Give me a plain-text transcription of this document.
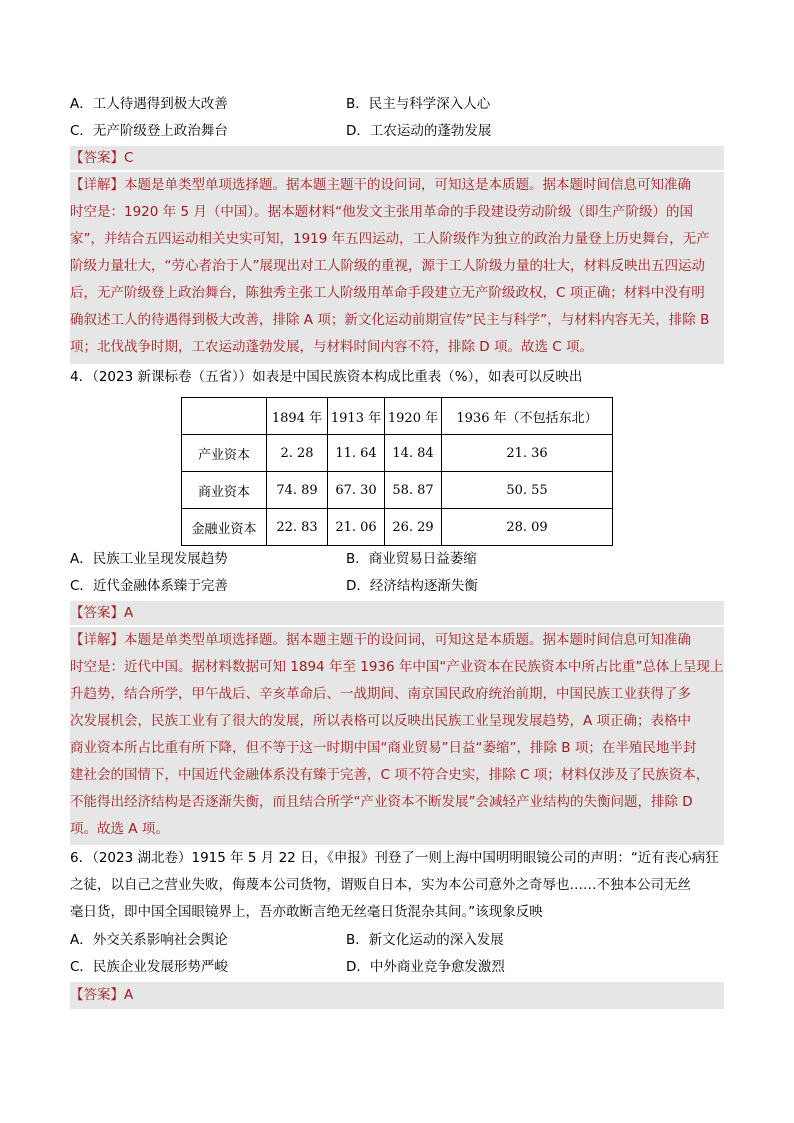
A．工人待遇得到极大改善	B．民主与科学深入人心
C．无产阶级登上政治舞台	D．工农运动的蓬勃发展
【答案】C
【详解】本题是单类型单项选择题。据本题主题干的设问词，可知这是本质题。据本题时间信息可知准确
时空是：1920 年 5 月（中国）。据本题材料“他发文主张用革命的手段建设劳动阶级（即生产阶级）的国
家”，并结合五四运动相关史实可知，1919 年五四运动，工人阶级作为独立的政治力量登上历史舞台，无产
阶级力量壮大，“劳心者治于人”展现出对工人阶级的重视，源于工人阶级力量的壮大，材料反映出五四运动
后，无产阶级登上政治舞台，陈独秀主张工人阶级用革命手段建立无产阶级政权，C 项正确；材料中没有明
确叙述工人的待遇得到极大改善，排除 A 项；新文化运动前期宣传“民主与科学”，与材料内容无关，排除 B
项；北伐战争时期，工农运动蓬勃发展，与材料时间内容不符，排除 D 项。故选 C 项。
4．（2023 新课标卷（五省））如表是中国民族资本构成比重表（%），如表可以反映出
	1894 年	1913 年	1920 年	1936 年（不包括东北）
产业资本	2. 28	11. 64	14. 84	21. 36
商业资本	74. 89	67. 30	58. 87	50. 55
金融业资本	22. 83	21. 06	26. 29	28. 09
A．民族工业呈现发展趋势	B．商业贸易日益萎缩
C．近代金融体系臻于完善	D．经济结构逐渐失衡
【答案】A
【详解】本题是单类型单项选择题。据本题主题干的设问词，可知这是本质题。据本题时间信息可知准确
时空是：近代中国。据材料数据可知 1894 年至 1936 年中国“产业资本在民族资本中所占比重”总体上呈现上
升趋势，结合所学，甲午战后、辛亥革命后、一战期间、南京国民政府统治前期，中国民族工业获得了多
次发展机会，民族工业有了很大的发展，所以表格可以反映出民族工业呈现发展趋势，A 项正确；表格中
商业资本所占比重有所下降，但不等于这一时期中国“商业贸易”日益“萎缩”，排除 B 项；在半殖民地半封
建社会的国情下，中国近代金融体系没有臻于完善，C 项不符合史实，排除 C 项；材料仅涉及了民族资本，
不能得出经济结构是否逐渐失衡，而且结合所学“产业资本不断发展”会减轻产业结构的失衡问题，排除 D
项。故选 A 项。
6．（2023 湖北卷）1915 年 5 月 22 日，《申报》刊登了一则上海中国明明眼镜公司的声明：“近有丧心病狂
之徒，以自己之营业失败，侮蔑本公司货物，谓贩自日本，实为本公司意外之奇辱也……不独本公司无丝
毫日货，即中国全国眼镜界上，吾亦敢断言绝无丝毫日货混杂其间。”该现象反映
A．外交关系影响社会舆论	B．新文化运动的深入发展
C．民族企业发展形势严峻	D．中外商业竞争愈发激烈
【答案】A
